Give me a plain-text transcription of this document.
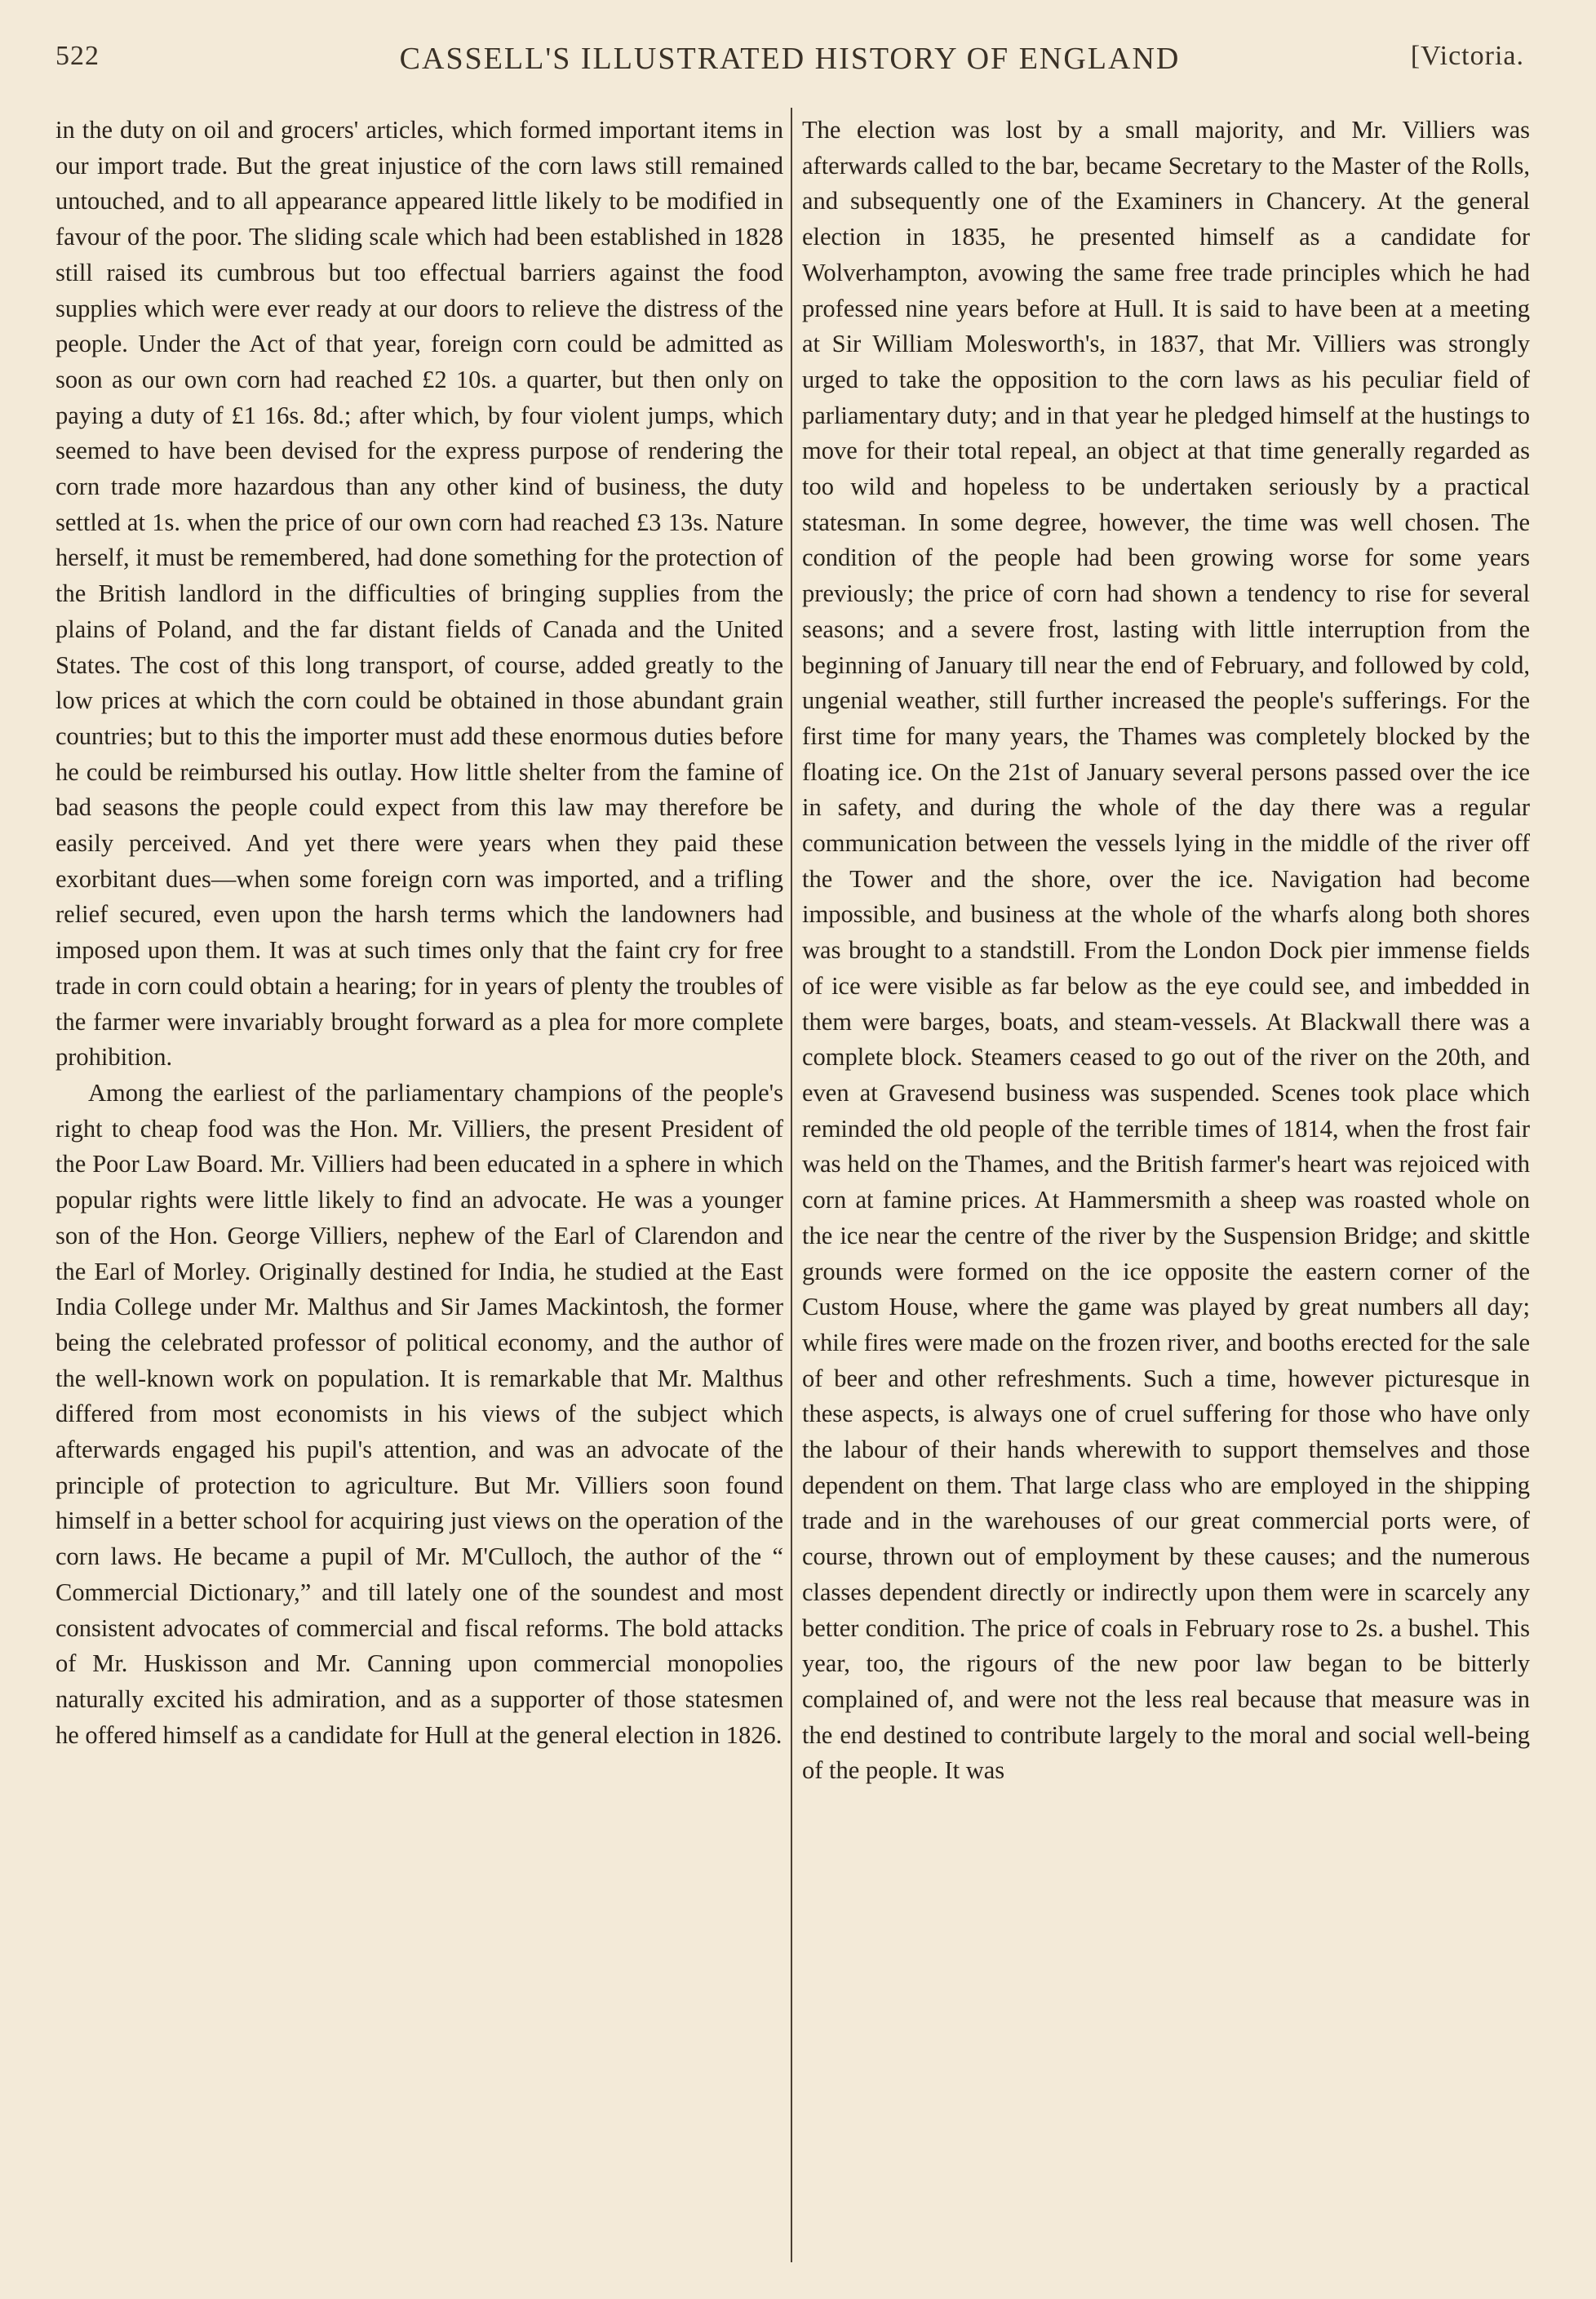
522	CASSELL'S ILLUSTRATED HISTORY OF ENGLAND	[Victoria.

in the duty on oil and grocers' articles, which formed important items in our import trade. But the great injustice of the corn laws still remained untouched, and to all appearance appeared little likely to be modified in favour of the poor. The sliding scale which had been established in 1828 still raised its cumbrous but too effectual barriers against the food supplies which were ever ready at our doors to relieve the distress of the people. Under the Act of that year, foreign corn could be admitted as soon as our own corn had reached £2 10s. a quarter, but then only on paying a duty of £1 16s. 8d.; after which, by four violent jumps, which seemed to have been devised for the express purpose of rendering the corn trade more hazardous than any other kind of business, the duty settled at 1s. when the price of our own corn had reached £3 13s. Nature herself, it must be remembered, had done something for the protection of the British landlord in the difficulties of bringing supplies from the plains of Poland, and the far distant fields of Canada and the United States. The cost of this long transport, of course, added greatly to the low prices at which the corn could be obtained in those abundant grain countries; but to this the importer must add these enormous duties before he could be reimbursed his outlay. How little shelter from the famine of bad seasons the people could expect from this law may therefore be easily perceived. And yet there were years when they paid these exorbitant dues—when some foreign corn was imported, and a trifling relief secured, even upon the harsh terms which the landowners had imposed upon them. It was at such times only that the faint cry for free trade in corn could obtain a hearing; for in years of plenty the troubles of the farmer were invariably brought forward as a plea for more complete prohibition.

Among the earliest of the parliamentary champions of the people's right to cheap food was the Hon. Mr. Villiers, the present President of the Poor Law Board. Mr. Villiers had been educated in a sphere in which popular rights were little likely to find an advocate. He was a younger son of the Hon. George Villiers, nephew of the Earl of Clarendon and the Earl of Morley. Originally destined for India, he studied at the East India College under Mr. Malthus and Sir James Mackintosh, the former being the celebrated professor of political economy, and the author of the well-known work on population. It is remarkable that Mr. Malthus differed from most economists in his views of the subject which afterwards engaged his pupil's attention, and was an advocate of the principle of protection to agriculture. But Mr. Villiers soon found himself in a better school for acquiring just views on the operation of the corn laws. He became a pupil of Mr. M'Culloch, the author of the “ Commercial Dictionary,” and till lately one of the soundest and most consistent advocates of commercial and fiscal reforms. The bold attacks of Mr. Huskisson and Mr. Canning upon commercial monopolies naturally excited his admiration, and as a supporter of those statesmen he offered himself as a candidate for Hull at the general election in 1826.

The election was lost by a small majority, and Mr. Villiers was afterwards called to the bar, became Secretary to the Master of the Rolls, and subsequently one of the Examiners in Chancery. At the general election in 1835, he presented himself as a candidate for Wolverhampton, avowing the same free trade principles which he had professed nine years before at Hull. It is said to have been at a meeting at Sir William Molesworth's, in 1837, that Mr. Villiers was strongly urged to take the opposition to the corn laws as his peculiar field of parliamentary duty; and in that year he pledged himself at the hustings to move for their total repeal, an object at that time generally regarded as too wild and hopeless to be undertaken seriously by a practical statesman. In some degree, however, the time was well chosen. The condition of the people had been growing worse for some years previously; the price of corn had shown a tendency to rise for several seasons; and a severe frost, lasting with little interruption from the beginning of January till near the end of February, and followed by cold, ungenial weather, still further increased the people's sufferings. For the first time for many years, the Thames was completely blocked by the floating ice. On the 21st of January several persons passed over the ice in safety, and during the whole of the day there was a regular communication between the vessels lying in the middle of the river off the Tower and the shore, over the ice. Navigation had become impossible, and business at the whole of the wharfs along both shores was brought to a standstill. From the London Dock pier immense fields of ice were visible as far below as the eye could see, and imbedded in them were barges, boats, and steam-vessels. At Blackwall there was a complete block. Steamers ceased to go out of the river on the 20th, and even at Gravesend business was suspended. Scenes took place which reminded the old people of the terrible times of 1814, when the frost fair was held on the Thames, and the British farmer's heart was rejoiced with corn at famine prices. At Hammersmith a sheep was roasted whole on the ice near the centre of the river by the Suspension Bridge; and skittle grounds were formed on the ice opposite the eastern corner of the Custom House, where the game was played by great numbers all day; while fires were made on the frozen river, and booths erected for the sale of beer and other refreshments. Such a time, however picturesque in these aspects, is always one of cruel suffering for those who have only the labour of their hands wherewith to support themselves and those dependent on them. That large class who are employed in the shipping trade and in the warehouses of our great commercial ports were, of course, thrown out of employment by these causes; and the numerous classes dependent directly or indirectly upon them were in scarcely any better condition. The price of coals in February rose to 2s. a bushel. This year, too, the rigours of the new poor law began to be bitterly complained of, and were not the less real because that measure was in the end destined to contribute largely to the moral and social well-being of the people. It was
